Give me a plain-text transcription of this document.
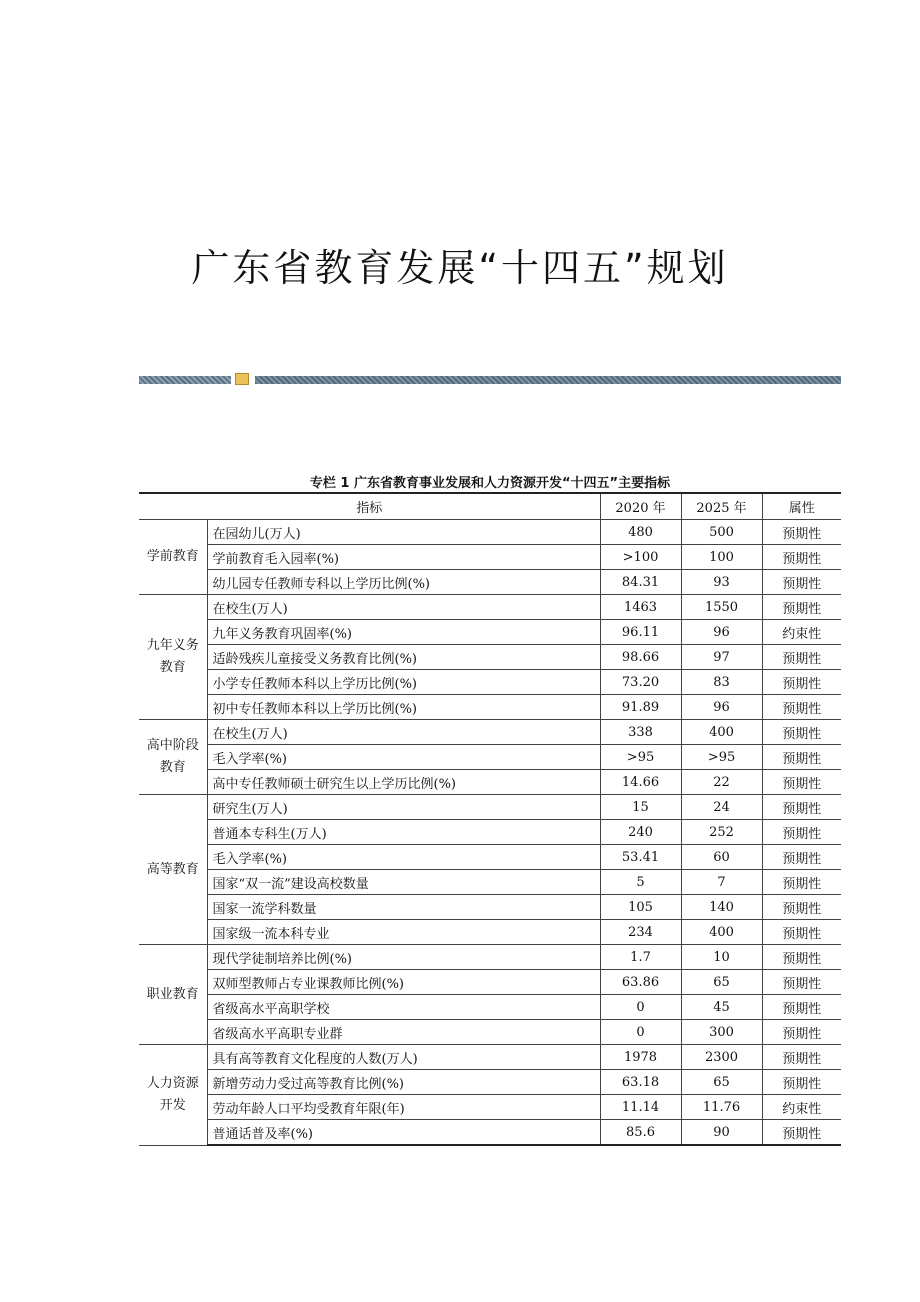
广东省教育发展“十四五”规划
专栏 1 广东省教育事业发展和人力资源开发“十四五”主要指标
指标		2020 年	2025 年	属性
学前教育	在园幼儿(万人)	480	500	预期性
	学前教育毛入园率(%)	>100	100	预期性
	幼儿园专任教师专科以上学历比例(%)	84.31	93	预期性
九年义务教育	在校生(万人)	1463	1550	预期性
	九年义务教育巩固率(%)	96.11	96	约束性
	适龄残疾儿童接受义务教育比例(%)	98.66	97	预期性
	小学专任教师本科以上学历比例(%)	73.20	83	预期性
	初中专任教师本科以上学历比例(%)	91.89	96	预期性
高中阶段教育	在校生(万人)	338	400	预期性
	毛入学率(%)	>95	>95	预期性
	高中专任教师硕士研究生以上学历比例(%)	14.66	22	预期性
高等教育	研究生(万人)	15	24	预期性
	普通本专科生(万人)	240	252	预期性
	毛入学率(%)	53.41	60	预期性
	国家“双一流”建设高校数量	5	7	预期性
	国家一流学科数量	105	140	预期性
	国家级一流本科专业	234	400	预期性
职业教育	现代学徒制培养比例(%)	1.7	10	预期性
	双师型教师占专业课教师比例(%)	63.86	65	预期性
	省级高水平高职学校	0	45	预期性
	省级高水平高职专业群	0	300	预期性
人力资源开发	具有高等教育文化程度的人数(万人)	1978	2300	预期性
	新增劳动力受过高等教育比例(%)	63.18	65	预期性
	劳动年龄人口平均受教育年限(年)	11.14	11.76	约束性
	普通话普及率(%)	85.6	90	预期性
